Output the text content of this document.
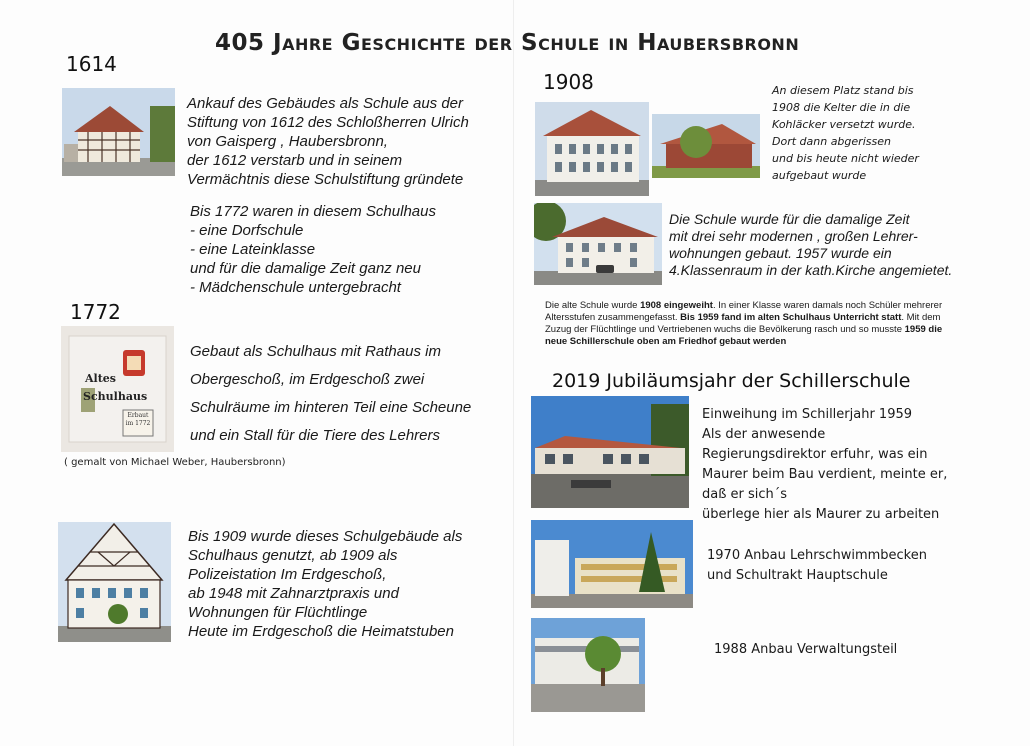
405 Jahre Geschichte der Schule in Haubersbronn
1614
Ankauf des Gebäudes als Schule aus der
Stiftung von 1612 des Schloßherren Ulrich
von Gaisperg , Haubersbronn,
der 1612 verstarb und in seinem
Vermächtnis diese Schulstiftung gründete
Bis 1772 waren in diesem Schulhaus
- eine Dorfschule
- eine Lateinklasse
und für die damalige Zeit ganz neu
- Mädchenschule untergebracht
1772
Altes
Schulhaus
Erbaut im 1772
Gebaut als Schulhaus mit Rathaus im
Obergeschoß, im Erdgeschoß zwei
Schulräume im hinteren Teil eine Scheune
und ein Stall für die Tiere des Lehrers
( gemalt von Michael Weber, Haubersbronn)
Bis 1909 wurde dieses Schulgebäude als
Schulhaus genutzt, ab 1909 als
Polizeistation Im Erdgeschoß,
ab 1948 mit Zahnarztpraxis und
Wohnungen für Flüchtlinge
Heute im Erdgeschoß die Heimatstuben
1908	An diesem Platz stand bis
1908 die Kelter die in die
Kohläcker versetzt wurde.
Dort dann abgerissen
und bis heute nicht wieder
aufgebaut wurde
Die Schule wurde für die damalige Zeit
mit drei sehr modernen , großen Lehrer-
wohnungen gebaut. 1957 wurde ein
4.Klassenraum in der kath.Kirche angemietet.
Die alte Schule wurde 1908 eingeweiht. In einer Klasse waren damals noch Schüler mehrerer Altersstufen zusammengefasst. Bis 1959 fand im alten Schulhaus Unterricht statt. Mit dem Zuzug der Flüchtlinge und Vertriebenen wuchs die Bevölkerung rasch und so musste 1959 die neue Schillerschule oben am Friedhof gebaut werden
2019 Jubiläumsjahr der Schillerschule
Einweihung im Schillerjahr 1959
Als der anwesende
Regierungsdirektor erfuhr, was ein
Maurer beim Bau verdient, meinte er,
daß er sich´s
überlege hier als Maurer zu arbeiten
1970 Anbau Lehrschwimmbecken
und Schultrakt Hauptschule
1988 Anbau Verwaltungsteil
